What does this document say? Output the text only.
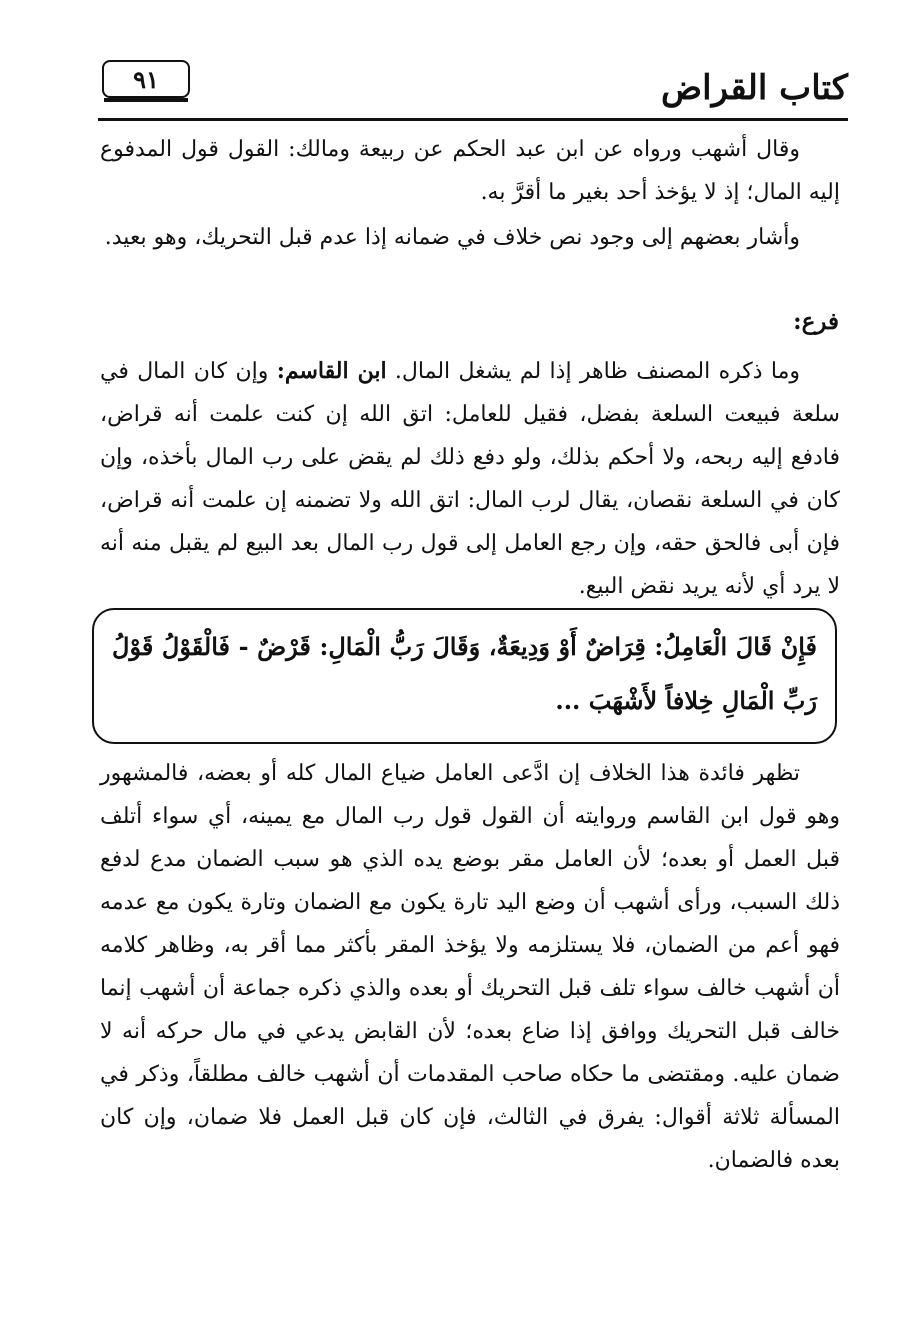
٩١	كتاب القراض

وقال أشهب ورواه عن ابن عبد الحكم عن ربيعة ومالك: القول قول المدفوع إليه المال؛ إذ لا يؤخذ أحد بغير ما أقرَّ به.

وأشار بعضهم إلى وجود نص خلاف في ضمانه إذا عدم قبل التحريك، وهو بعيد.

فرع:

وما ذكره المصنف ظاهر إذا لم يشغل المال. ابن القاسم: وإن كان المال في سلعة فبيعت السلعة بفضل، فقيل للعامل: اتق الله إن كنت علمت أنه قراض، فادفع إليه ربحه، ولا أحكم بذلك، ولو دفع ذلك لم يقض على رب المال بأخذه، وإن كان في السلعة نقصان، يقال لرب المال: اتق الله ولا تضمنه إن علمت أنه قراض، فإن أبى فالحق حقه، وإن رجع العامل إلى قول رب المال بعد البيع لم يقبل منه أنه لا يرد أي لأنه يريد نقض البيع.

فَإِنْ قَالَ الْعَامِلُ: قِرَاضٌ أَوْ وَدِيعَةٌ، وَقَالَ رَبُّ الْمَالِ: قَرْضٌ - فَالْقَوْلُ قَوْلُ رَبِّ الْمَالِ خِلافاً لأَشْهَبَ ...

تظهر فائدة هذا الخلاف إن ادَّعى العامل ضياع المال كله أو بعضه، فالمشهور وهو قول ابن القاسم وروايته أن القول قول رب المال مع يمينه، أي سواء أتلف قبل العمل أو بعده؛ لأن العامل مقر بوضع يده الذي هو سبب الضمان مدع لدفع ذلك السبب، ورأى أشهب أن وضع اليد تارة يكون مع الضمان وتارة يكون مع عدمه فهو أعم من الضمان، فلا يستلزمه ولا يؤخذ المقر بأكثر مما أقر به، وظاهر كلامه أن أشهب خالف سواء تلف قبل التحريك أو بعده والذي ذكره جماعة أن أشهب إنما خالف قبل التحريك ووافق إذا ضاع بعده؛ لأن القابض يدعي في مال حركه أنه لا ضمان عليه. ومقتضى ما حكاه صاحب المقدمات أن أشهب خالف مطلقاً، وذكر في المسألة ثلاثة أقوال: يفرق في الثالث، فإن كان قبل العمل فلا ضمان، وإن كان بعده فالضمان.
